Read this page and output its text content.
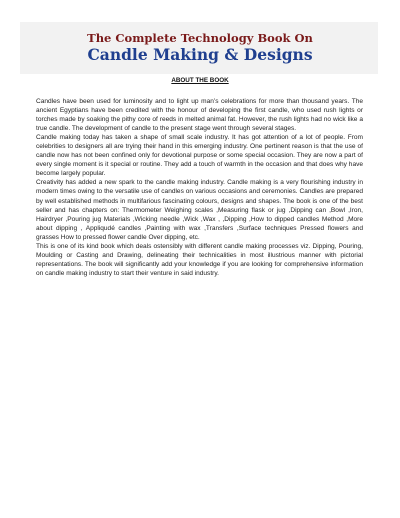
The Complete Technology Book On
Candle Making & Designs
ABOUT THE BOOK

Candles have been used for luminosity and to light up man’s celebrations for more than thousand years. The ancient Egyptians have been credited with the honour of developing the first candle, who used rush lights or torches made by soaking the pithy core of reeds in melted animal fat. However, the rush lights had no wick like a true candle. The development of candle to the present stage went through several stages.

Candle making today has taken a shape of small scale industry. It has got attention of a lot of people. From celebrities to designers all are trying their hand in this emerging industry. One pertinent reason is that the use of candle now has not been confined only for devotional purpose or some special occasion. They are now a part of every single moment is it special or routine. They add a touch of warmth in the occasion and that does why have become largely popular.

Creativity has added a new spark to the candle making industry. Candle making is a very flourishing industry in modern times owing to the versatile use of candles on various occasions and ceremonies. Candles are prepared by well established methods in multifarious fascinating colours, designs and shapes. The book is one of the best seller and has chapters on: Thermometer Weighing scales ,Measuring flask or jug ,Dipping can ,Bowl ,Iron, Hairdryer ,Pouring jug Materials ,Wicking needle ,Wick ,Wax , ,Dipping ,How to dipped candles Method ,More about dipping , Appliqudé candles ,Painting with wax ,Transfers ,Surface techniques Pressed flowers and grasses How to pressed flower candle Over dipping, etc.

This is one of its kind book which deals ostensibly with different candle making processes viz. Dipping, Pouring, Moulding or Casting and Drawing, delineating their technicalities in most illustrious manner with pictorial representations. The book will significantly add your knowledge if you are looking for comprehensive information on candle making industry to start their venture in said industry.
